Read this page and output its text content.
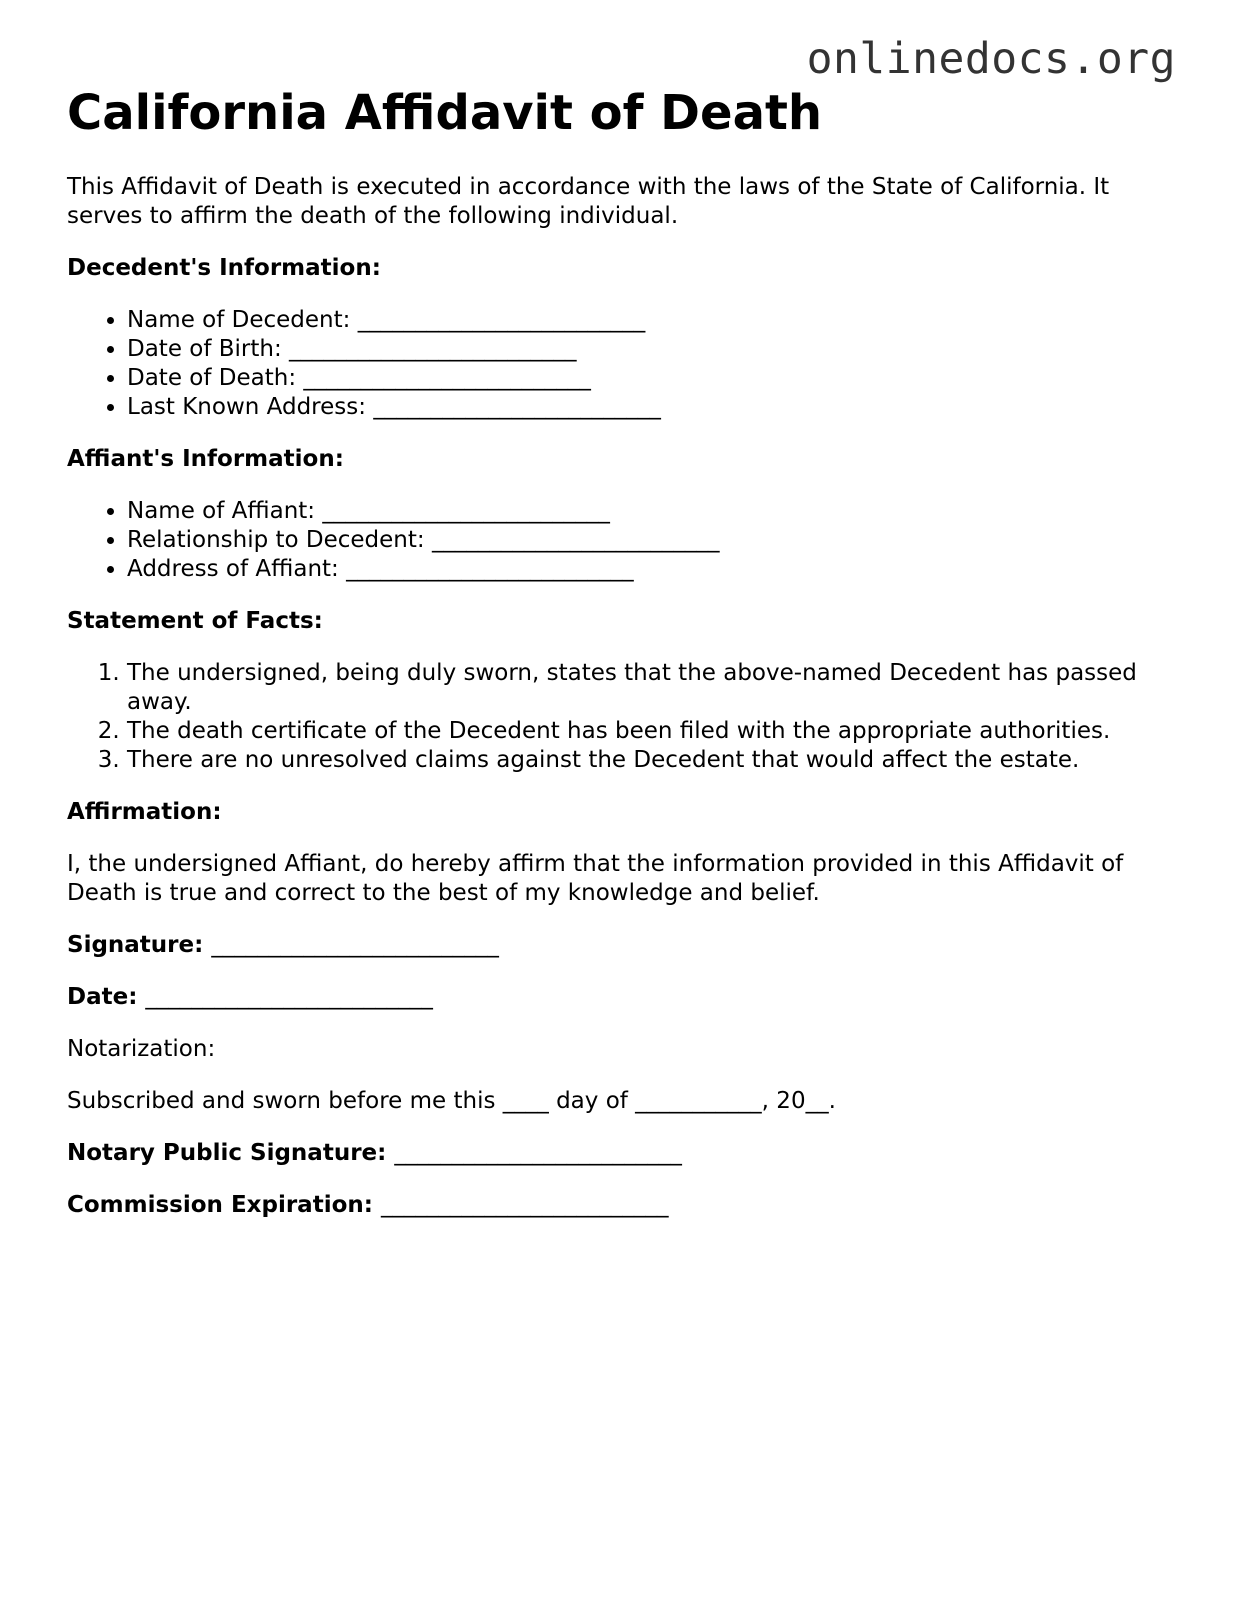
onlinedocs.org
California Affidavit of Death

This Affidavit of Death is executed in accordance with the laws of the State of California. It serves to affirm the death of the following individual.

Decedent's Information:
• Name of Decedent: _________________________
• Date of Birth: _________________________
• Date of Death: _________________________
• Last Known Address: _________________________
Affiant's Information:
• Name of Affiant: _________________________
• Relationship to Decedent: _________________________
• Address of Affiant: _________________________
Statement of Facts:
1. The undersigned, being duly sworn, states that the above-named Decedent has passed away.
2. The death certificate of the Decedent has been filed with the appropriate authorities.
3. There are no unresolved claims against the Decedent that would affect the estate.
Affirmation:

I, the undersigned Affiant, do hereby affirm that the information provided in this Affidavit of Death is true and correct to the best of my knowledge and belief.

Signature: _________________________

Date: _________________________

Notarization:

Subscribed and sworn before me this ____ day of ___________, 20__.

Notary Public Signature: _________________________

Commission Expiration: _________________________
